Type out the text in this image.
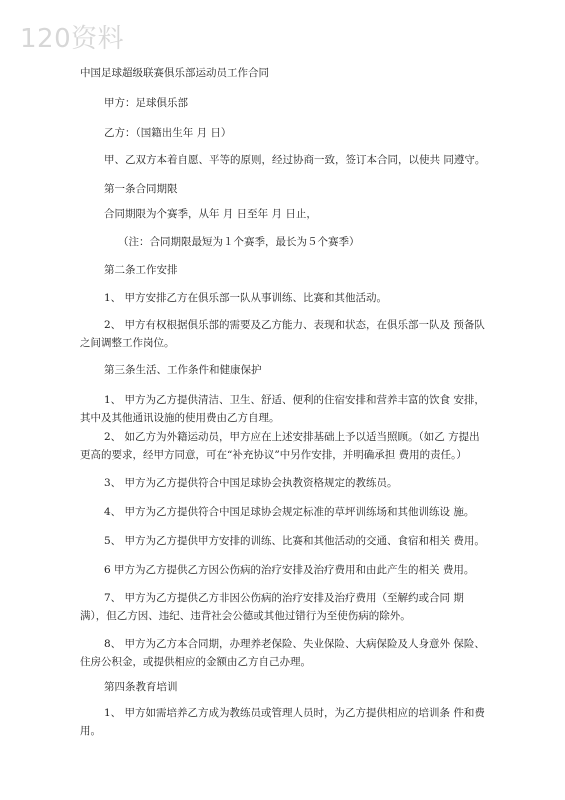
120资料
中国足球超级联赛俱乐部运动员工作合同
甲方：足球俱乐部
乙方：（国籍出生年 月 日）
甲、乙双方本着自愿、平等的原则，经过协商一致，签订本合同，以使共 同遵守。
第一条合同期限
合同期限为个赛季，从年 月 日至年 月 日止，
（注：合同期限最短为１个赛季，最长为５个赛季）
第二条工作安排
1、 甲方安排乙方在俱乐部一队从事训练、比赛和其他活动。
2、 甲方有权根据俱乐部的需要及乙方能力、表现和状态，在俱乐部一队及 预备队之间调整工作岗位。
第三条生活、工作条件和健康保护
1、 甲方为乙方提供清洁、卫生、舒适、便利的住宿安排和营养丰富的饮食 安排，其中及其他通讯设施的使用费由乙方自理。
2、 如乙方为外籍运动员，甲方应在上述安排基础上予以适当照顾。（如乙 方提出更高的要求，经甲方同意，可在“补充协议”中另作安排，并明确承担 费用的责任。）
3、 甲方为乙方提供符合中国足球协会执教资格规定的教练员。
4、 甲方为乙方提供符合中国足球协会规定标准的草坪训练场和其他训练设 施。
5、 甲方为乙方提供甲方安排的训练、比赛和其他活动的交通、食宿和相关 费用。
6 甲方为乙方提供乙方因公伤病的治疗安排及治疗费用和由此产生的相关 费用。
7、 甲方为乙方提供乙方非因公伤病的治疗安排及治疗费用（至解约或合同 期满），但乙方因、违纪、违背社会公德或其他过错行为至使伤病的除外。
8、 甲方为乙方本合同期，办理养老保险、失业保险、大病保险及人身意外 保险、住房公积金，或提供相应的金额由乙方自己办理。
第四条教育培训
1、 甲方如需培养乙方成为教练员或管理人员时，为乙方提供相应的培训条 件和费用。
